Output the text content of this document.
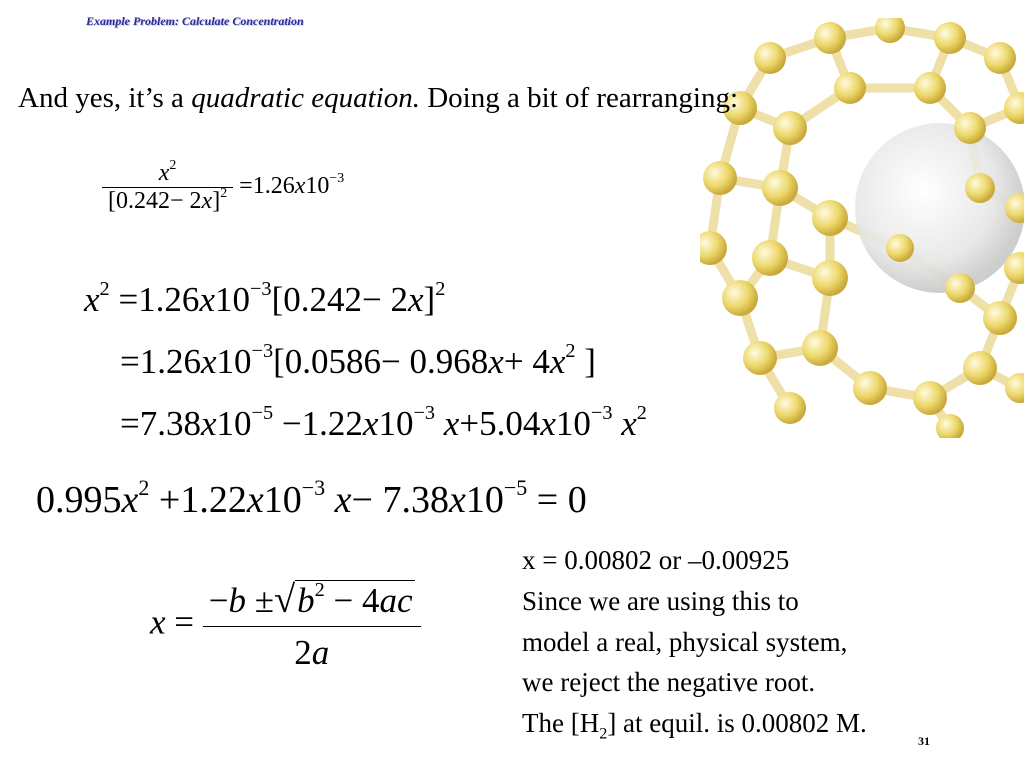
Example Problem: Calculate Concentration
And yes, it’s a quadratic equation. Doing a bit of rearranging:
$\frac{x^2}{[0.242- 2x]^2} =1.26x10^{-3}$
$x^2 =1.26x10^{-3}[0.242- 2x]^2$
$=1.26x10^{-3}[0.0586- 0.968x+ 4x^2$ ]
$=7.38x10^{-5} -1.22x10^{-3}$ $x+5.04x10^{-3}$ $x^2$
$0.995x^2 +1.22x10^{-3}$ $x- 7.38x10^{-5} = 0$
$x = \frac{-b \pm√b^2 - 4ac}{2a}$
x = 0.00802 or –0.00925
Since we are using this to
model a real, physical system,
we reject the negative root.
The $[H_2]$ at equil. is 0.00802 M.
31
